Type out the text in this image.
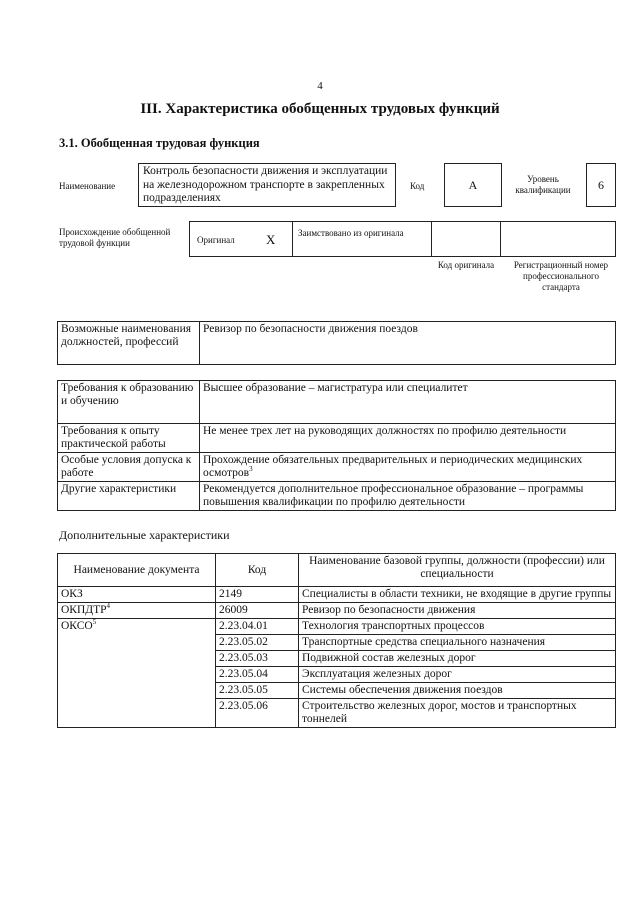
4
III. Характеристика обобщенных трудовых функций
3.1. Обобщенная трудовая функция
Наименование
Контроль безопасности движения и эксплуатации на железнодорожном транспорте в закрепленных подразделениях
Код	А	Уровень квалификации	6
Происхождение обобщенной трудовой функции	Оригинал X	Заимствовано из оригинала
Код оригинала	Регистрационный номер профессионального стандарта
Возможные наименования должностей, профессий	Ревизор по безопасности движения поездов
Требования к образованию и обучению	Высшее образование – магистратура или специалитет
Требования к опыту практической работы	Не менее трех лет на руководящих должностях по профилю деятельности
Особые условия допуска к работе	Прохождение обязательных предварительных и периодических медицинских осмотров$^3$
Другие характеристики	Рекомендуется дополнительное профессиональное образование – программы повышения квалификации по профилю деятельности
Дополнительные характеристики
Наименование документа	Код	Наименование базовой группы, должности (профессии) или специальности
ОКЗ	2149	Специалисты в области техники, не входящие в другие группы
ОКПДТР$^4$	26009	Ревизор по безопасности движения
ОКСО$^5$	2.23.04.01	Технология транспортных процессов
	2.23.05.02	Транспортные средства специального назначения
	2.23.05.03	Подвижной состав железных дорог
	2.23.05.04	Эксплуатация железных дорог
	2.23.05.05	Системы обеспечения движения поездов
	2.23.05.06	Строительство железных дорог, мостов и транспортных тоннелей
